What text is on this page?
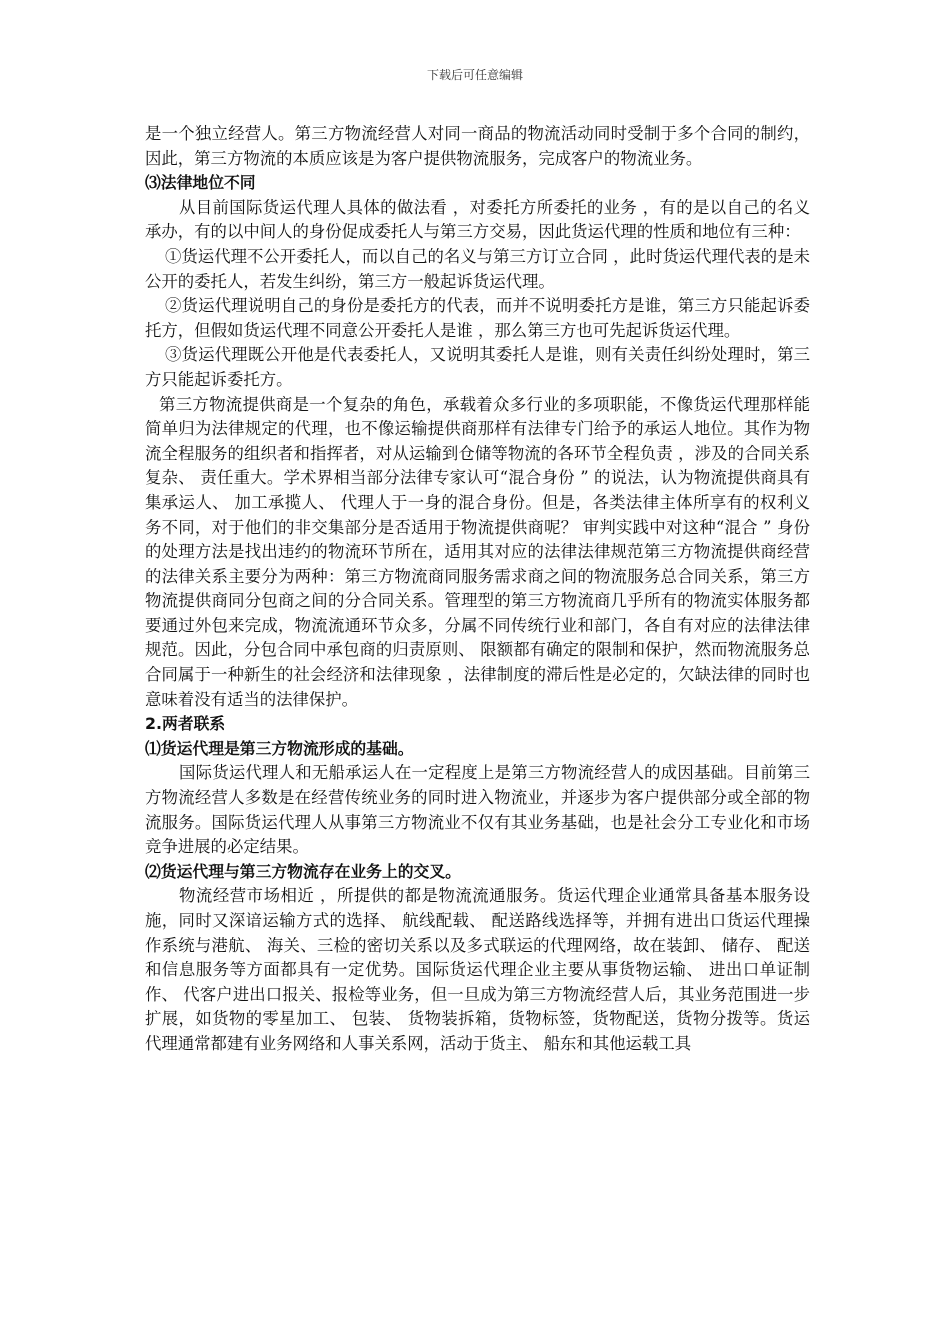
下载后可任意编辑

是一个独立经营人。第三方物流经营人对同一商品的物流活动同时受制于多个合同的制约，因此，第三方物流的本质应该是为客户提供物流服务，完成客户的物流业务。

⑶法律地位不同

从目前国际货运代理人具体的做法看 ，对委托方所委托的业务 ，有的是以自己的名义承办，有的以中间人的身份促成委托人与第三方交易，因此货运代理的性质和地位有三种：

①货运代理不公开委托人，而以自己的名义与第三方订立合同 ，此时货运代理代表的是未公开的委托人，若发生纠纷，第三方一般起诉货运代理。

②货运代理说明自己的身份是委托方的代表，而并不说明委托方是谁，第三方只能起诉委托方，但假如货运代理不同意公开委托人是谁 ，那么第三方也可先起诉货运代理。

③货运代理既公开他是代表委托人，又说明其委托人是谁，则有关责任纠纷处理时，第三方只能起诉委托方。

第三方物流提供商是一个复杂的角色，承载着众多行业的多项职能，不像货运代理那样能简单归为法律规定的代理，也不像运输提供商那样有法律专门给予的承运人地位。其作为物流全程服务的组织者和指挥者，对从运输到仓储等物流的各环节全程负责 ，涉及的合同关系复杂、 责任重大。学术界相当部分法律专家认可“混合身份 ” 的说法，认为物流提供商具有集承运人、 加工承揽人、 代理人于一身的混合身份。但是，各类法律主体所享有的权利义务不同，对于他们的非交集部分是否适用于物流提供商呢？ 审判实践中对这种“混合 ” 身份的处理方法是找出违约的物流环节所在，适用其对应的法律法律规范第三方物流提供商经营的法律关系主要分为两种：第三方物流商同服务需求商之间的物流服务总合同关系，第三方物流提供商同分包商之间的分合同关系。管理型的第三方物流商几乎所有的物流实体服务都要通过外包来完成，物流流通环节众多，分属不同传统行业和部门，各自有对应的法律法律规范。因此，分包合同中承包商的归责原则、 限额都有确定的限制和保护，然而物流服务总合同属于一种新生的社会经济和法律现象 ，法律制度的滞后性是必定的，欠缺法律的同时也意味着没有适当的法律保护。

2.两者联系

⑴货运代理是第三方物流形成的基础。

国际货运代理人和无船承运人在一定程度上是第三方物流经营人的成因基础。目前第三方物流经营人多数是在经营传统业务的同时进入物流业，并逐步为客户提供部分或全部的物流服务。国际货运代理人从事第三方物流业不仅有其业务基础，也是社会分工专业化和市场竞争进展的必定结果。

⑵货运代理与第三方物流存在业务上的交叉。

物流经营市场相近 ，所提供的都是物流流通服务。货运代理企业通常具备基本服务设施，同时又深谙运输方式的选择、 航线配载、 配送路线选择等，并拥有进出口货运代理操作系统与港航、 海关、三检的密切关系以及多式联运的代理网络，故在装卸、 储存、 配送和信息服务等方面都具有一定优势。国际货运代理企业主要从事货物运输、 进出口单证制作、 代客户进出口报关、报检等业务，但一旦成为第三方物流经营人后，其业务范围进一步扩展，如货物的零星加工、 包装、 货物装拆箱，货物标签，货物配送，货物分拨等。货运代理通常都建有业务网络和人事关系网，活动于货主、 船东和其他运载工具
